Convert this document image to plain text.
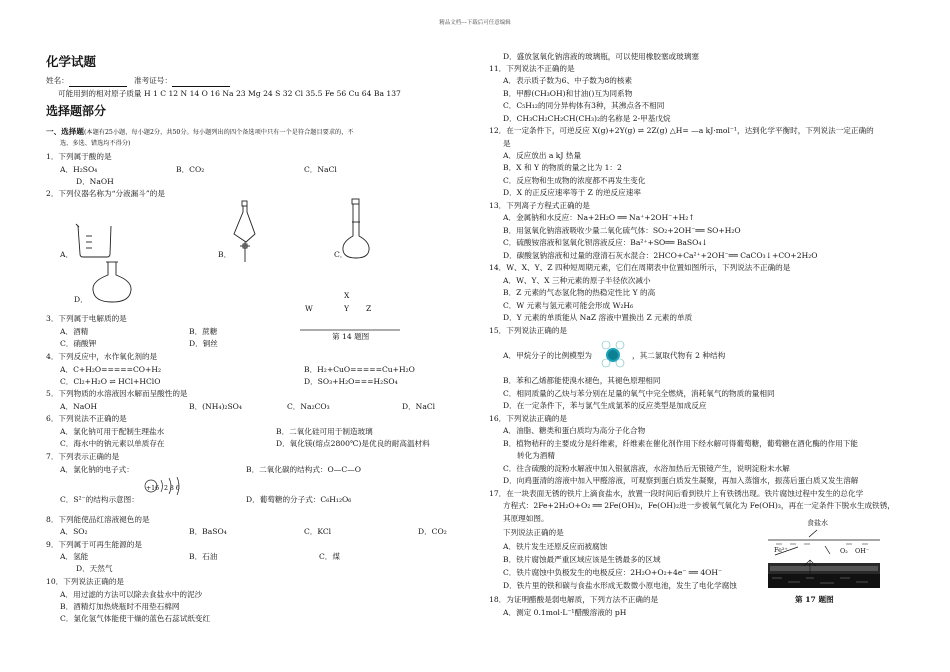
精品文档---下载后可任意编辑
化学试题
姓名：	准考证号：
可能用到的相对原子质量 H 1 C 12 N 14 O 16 Na 23 Mg 24 S 32 Cl 35.5 Fe 56 Cu 64 Ba 137
选择题部分
一、选择题(本题有25小题，每小题2分，共50分。每小题列出的四个备选项中只有一个是符合题目要求的，不
选、多选、错选均不得分)
1．下列属于酸的是
A．H₂SO₄	B．CO₂	C．NaCl
D．NaOH
2．下列仪器名称为“分液漏斗”的是
A．	B．	C．
D．	X
W	Y Z
第 14 题图
3．下列属于电解质的是
A．酒精	B．蔗糖
C．硝酸钾	D．铜丝
4．下列反应中，水作氧化剂的是
A．C+H₂O=====CO+H₂	B．H₂+CuO=====Cu+H₂O
C．Cl₂+H₂O ⇌ HCl+HClO	D．SO₃+H₂O===H₂SO₄
5．下列物质的水溶液因水解而呈酸性的是
A．NaOH	B．(NH₄)₂SO₄	C．Na₂CO₃	D．NaCl
6．下列说法不正确的是
A．氯化钠可用于配制生理盐水	B．二氧化硅可用于制造玻璃
C．海水中的钠元素以单质存在	D．氧化镁(熔点2800℃)是优良的耐高温材料
7．下列表示正确的是
A．氯化钠的电子式：	B．二氧化碳的结构式：O—C—O
C．S²⁻的结构示意图：	D．葡萄糖的分子式：C₆H₁₂O₆
+16 2 8 6
8．下列能使品红溶液褪色的是
A．SO₂	B．BaSO₄	C．KCl	D．CO₂
9．下列属于可再生能源的是
A．氢能	B．石油	C．煤
D．天然气
10．下列说法正确的是
A．用过滤的方法可以除去食盐水中的泥沙
B．酒精灯加热烧瓶时不用垫石棉网
C．氯化氢气体能使干燥的蓝色石蕊试纸变红
D．盛放氢氧化钠溶液的玻璃瓶，可以使用橡胶塞或玻璃塞
11．下列说法不正确的是
A．表示质子数为6、中子数为8的核素
B．甲醇(CH₃OH)和甘油()互为同系物
C．C₅H₁₂的同分异构体有3种，其沸点各不相同
D．CH₃CH₂CH₂CH(CH₃)₂的名称是 2-甲基戊烷
12．在一定条件下，可逆反应 X(g)+2Y(g) ⇌ 2Z(g) △H= —a kJ·mol⁻¹，达到化学平衡时，下列说法一定正确的
是
A．反应放出 a kJ 热量
B．X 和 Y 的物质的量之比为 1：2
C．反应物和生成物的浓度都不再发生变化
D．X 的正反应速率等于 Z 的逆反应速率
13．下列离子方程式正确的是
A．金属钠和水反应：Na+2H₂O ══ Na⁺+2OH⁻+H₂↑
B．用氢氧化钠溶液吸收少量二氧化硫气体：SO₂+2OH⁻══ SO+H₂O
C．硫酸铵溶液和氢氧化钡溶液反应：Ba²⁺+SO══ BaSO₄↓
D．碳酸氢钠溶液和过量的澄清石灰水混合：2HCO+Ca²⁺+2OH⁻══ CaCO₃↓+CO+2H₂O
14．W、X、Y、Z 四种短周期元素，它们在周期表中位置如图所示，下列说法不正确的是
A．W、Y、X 三种元素的原子半径依次减小
B．Z 元素的气态氢化物的热稳定性比 Y 的高
C．W 元素与氢元素可能会形成 W₂H₆
D．Y 元素的单质能从 NaZ 溶液中置换出 Z 元素的单质
15．下列说法正确的是
A．甲烷分子的比例模型为	，其二氯取代物有 2 种结构
B．苯和乙烯都能使溴水褪色，其褪色原理相同
C．相同质量的乙炔与苯分别在足量的氧气中完全燃烧，消耗氧气的物质的量相同
D．在一定条件下，苯与氯气生成氯苯的反应类型是加成反应
16．下列说法正确的是
A．油脂、糖类和蛋白质均为高分子化合物
B．植物秸秆的主要成分是纤维素，纤维素在催化剂作用下经水解可得葡萄糖，葡萄糖在酒化酶的作用下能
转化为酒精
C．往含硫酸的淀粉水解液中加入银氨溶液，水浴加热后无银镜产生，说明淀粉未水解
D．向鸡蛋清的溶液中加入甲醛溶液，可观察到蛋白质发生凝聚，再加入蒸馏水，振荡后蛋白质又发生溶解
17．在一块表面无锈的铁片上滴食盐水，放置一段时间后看到铁片上有铁锈出现。铁片腐蚀过程中发生的总化学
方程式：2Fe+2H₂O+O₂ ══ 2Fe(OH)₂，Fe(OH)₂进一步被氧气氧化为 Fe(OH)₃，再在一定条件下脱水生成铁锈，
其原理如图。
下列说法正确的是
A．铁片发生还原反应而被腐蚀
B．铁片腐蚀最严重区域应该是生锈最多的区域
C．铁片腐蚀中负极发生的电极反应：2H₂O+O₂+4e⁻ ══ 4OH⁻
D．铁片里的铁和碳与食盐水形成无数微小原电池，发生了电化学腐蚀
18．为证明醋酸是弱电解质，下列方法不正确的是
A．测定 0.1mol·L⁻¹醋酸溶液的 pH
食盐水
Fe²⁺	O₂ OH⁻
第 17 题图
